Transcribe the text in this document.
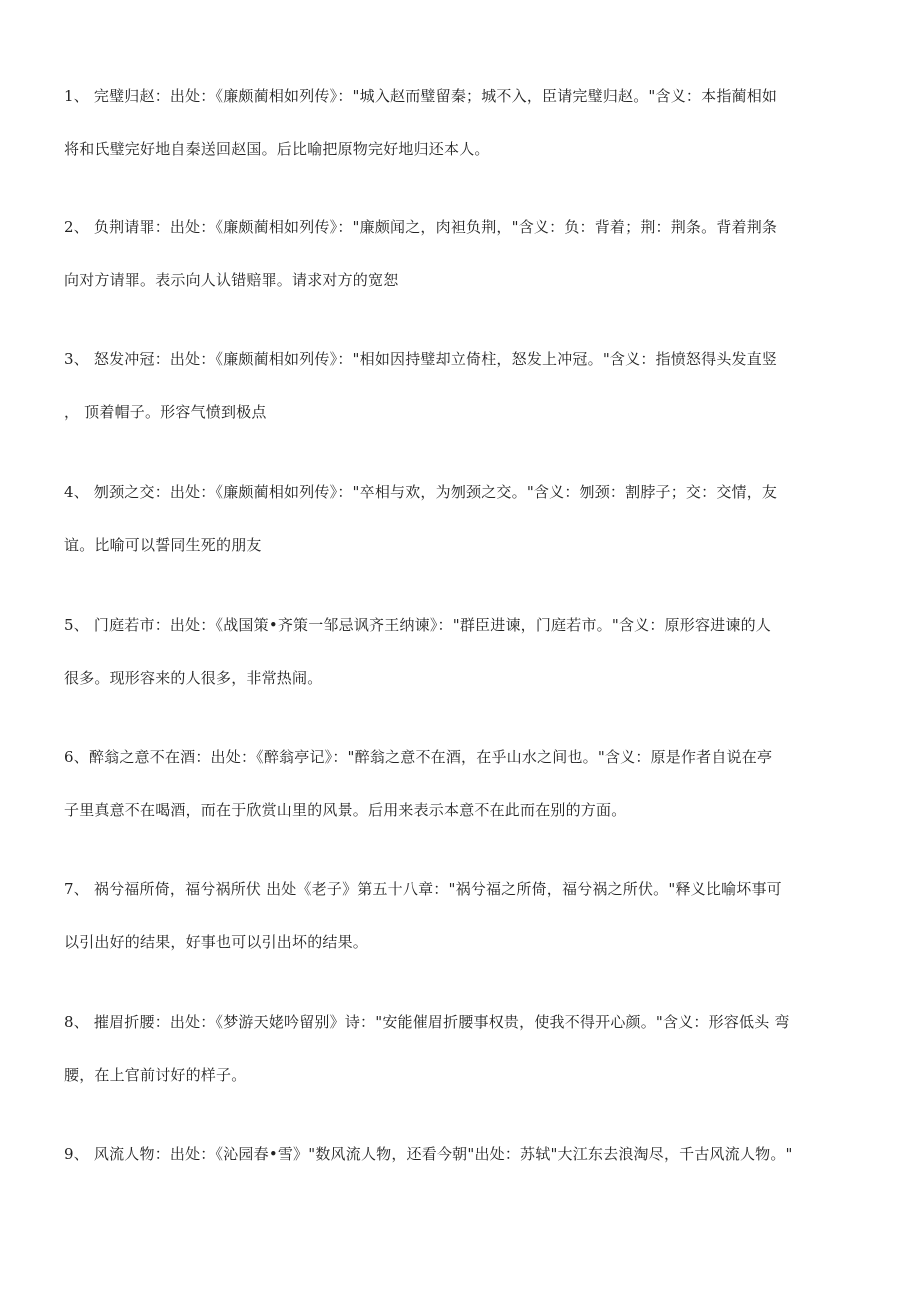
1、 完璧归赵：出处：《廉颇蔺相如列传》："城入赵而璧留秦；城不入，臣请完璧归赵。"含义：本指蔺相如
将和氏璧完好地自秦送回赵国。后比喻把原物完好地归还本人。
2、 负荆请罪：出处：《廉颇蔺相如列传》："廉颇闻之，肉袒负荆，"含义：负：背着；荆：荆条。背着荆条
向对方请罪。表示向人认错赔罪。请求对方的宽恕
3、 怒发冲冠：出处：《廉颇蔺相如列传》："相如因持璧却立倚柱，怒发上冲冠。"含义：指愤怒得头发直竖
， 顶着帽子。形容气愤到极点
4、 刎颈之交：出处：《廉颇蔺相如列传》："卒相与欢，为刎颈之交。"含义：刎颈：割脖子；交：交情，友
谊。比喻可以誓同生死的朋友
5、 门庭若市：出处：《战国策•齐策一邹忌讽齐王纳谏》："群臣进谏，门庭若市。"含义：原形容进谏的人
很多。现形容来的人很多，非常热闹。
6、醉翁之意不在酒：出处：《醉翁亭记》："醉翁之意不在酒，在乎山水之间也。"含义：原是作者自说在亭
子里真意不在喝酒，而在于欣赏山里的风景。后用来表示本意不在此而在别的方面。
7、 祸兮福所倚，福兮祸所伏 出处《老子》第五十八章："祸兮福之所倚，福兮祸之所伏。"释义比喻坏事可
以引出好的结果，好事也可以引出坏的结果。
8、 摧眉折腰：出处：《梦游天姥吟留别》诗："安能催眉折腰事权贵，使我不得开心颜。"含义：形容低头 弯
腰，在上官前讨好的样子。
9、 风流人物：出处：《沁园春•雪》"数风流人物，还看今朝"出处：苏轼"大江东去浪淘尽，千古风流人物。"
